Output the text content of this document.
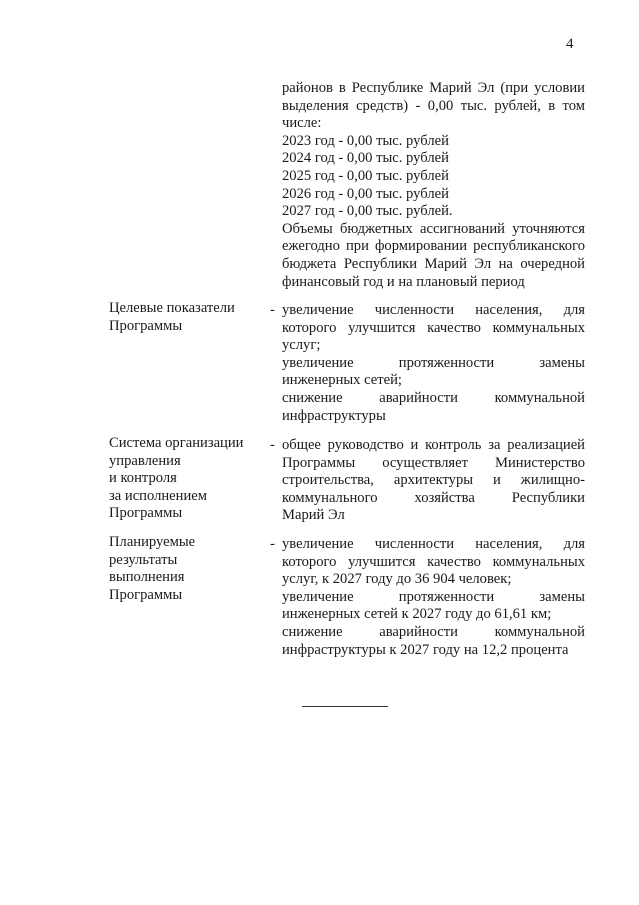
4
районов в Республике Марий Эл (при условии
выделения средств) - 0,00 тыс. рублей, в том
числе:
2023 год - 0,00 тыс. рублей
2024 год - 0,00 тыс. рублей
2025 год - 0,00 тыс. рублей
2026 год - 0,00 тыс. рублей
2027 год - 0,00 тыс. рублей.
Объемы бюджетных ассигнований уточняются
ежегодно при формировании республиканского
бюджета Республики Марий Эл на очередной
финансовый год и на плановый период
Целевые показатели
Программы
- увеличение численности населения, для
которого улучшится качество коммунальных
услуг;
увеличение протяженности замены
инженерных сетей;
снижение аварийности коммунальной
инфраструктуры
Система организации
управления
и контроля
за исполнением
Программы
- общее руководство и контроль за реализацией
Программы осуществляет Министерство
строительства, архитектуры и жилищно-
коммунального хозяйства Республики
Марий Эл
Планируемые
результаты
выполнения
Программы
- увеличение численности населения, для
которого улучшится качество коммунальных
услуг, к 2027 году до 36 904 человек;
увеличение протяженности замены
инженерных сетей к 2027 году до 61,61 км;
снижение аварийности коммунальной
инфраструктуры к 2027 году на 12,2 процента
